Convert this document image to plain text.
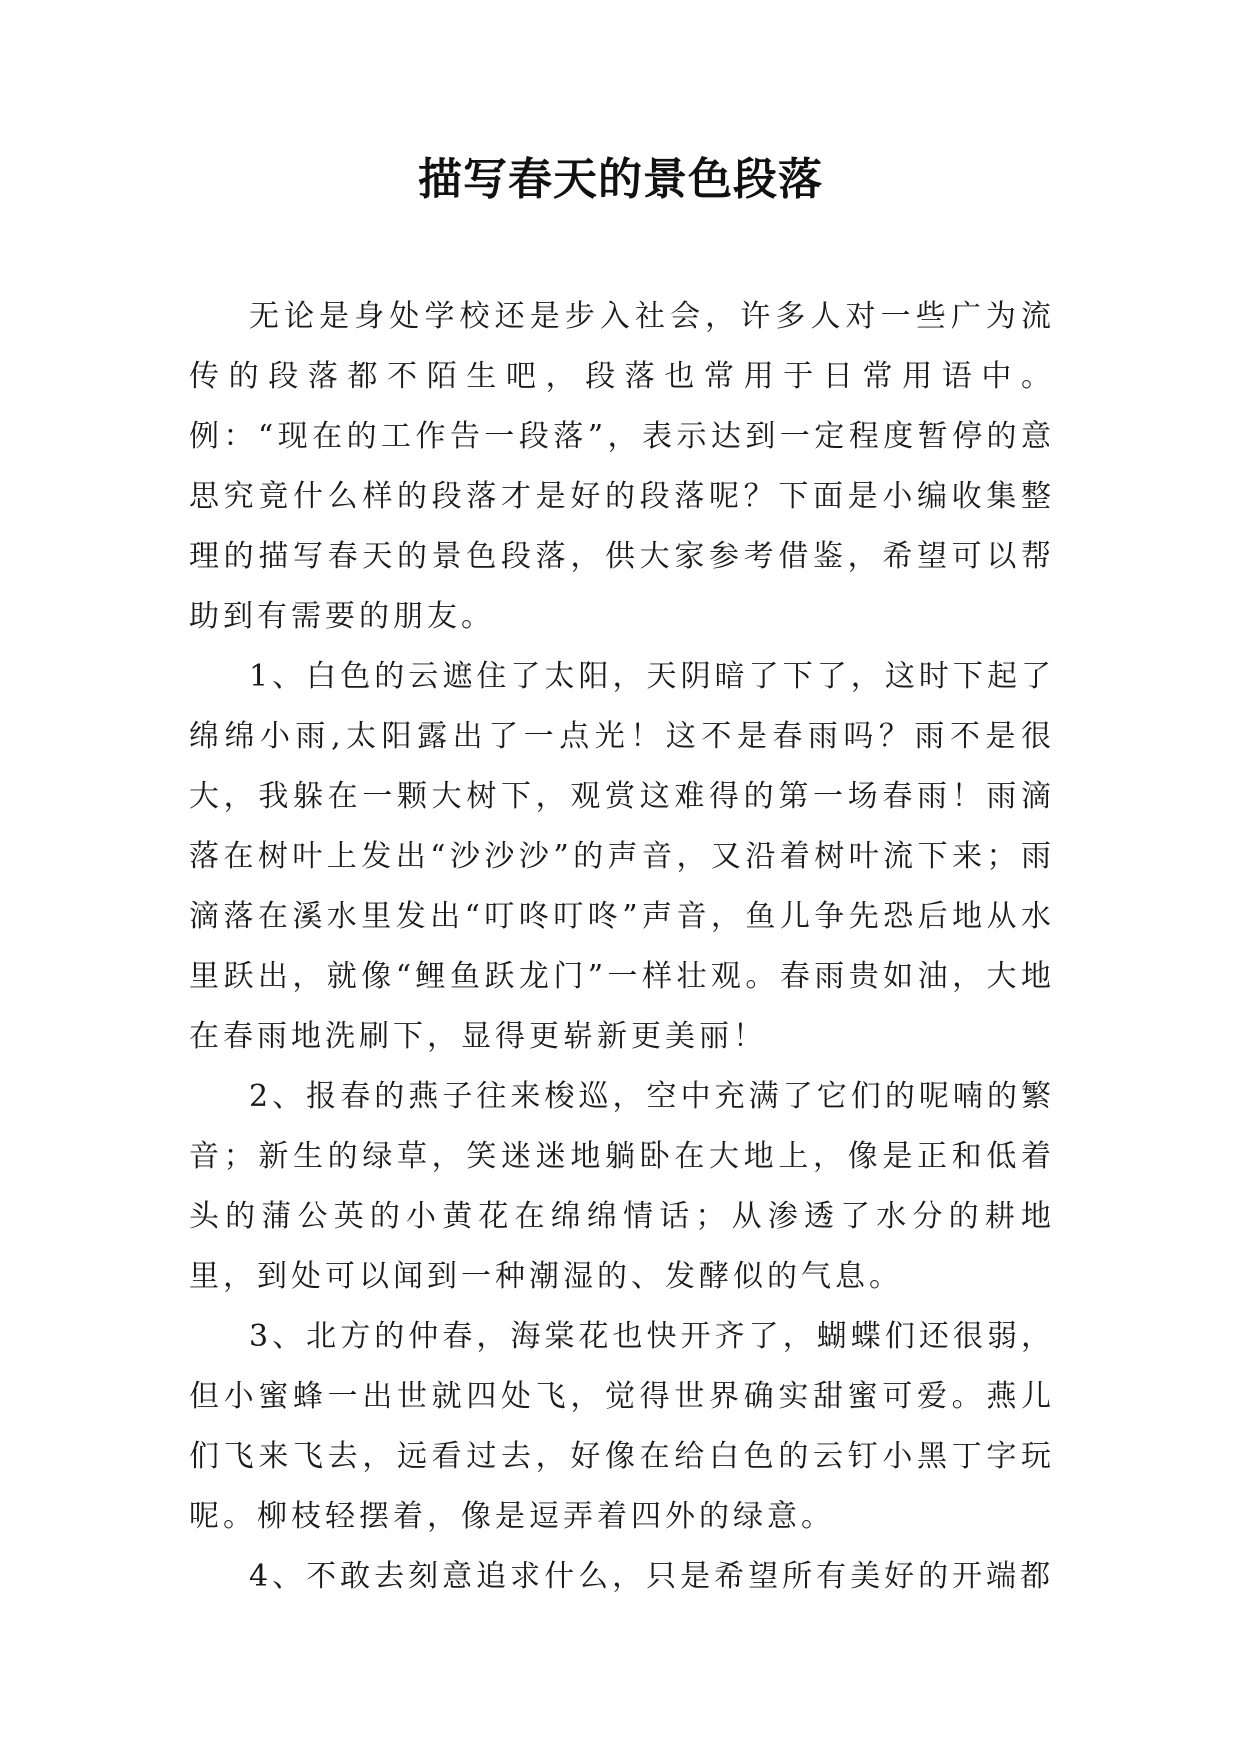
描写春天的景色段落

无论是身处学校还是步入社会，许多人对一些广为流传的段落都不陌生吧，段落也常用于日常用语中。例：“现在的工作告一段落”，表示达到一定程度暂停的意思究竟什么样的段落才是好的段落呢？下面是小编收集整理的描写春天的景色段落，供大家参考借鉴，希望可以帮助到有需要的朋友。

1、白色的云遮住了太阳，天阴暗了下了，这时下起了绵绵小雨,太阳露出了一点光！这不是春雨吗？雨不是很大，我躲在一颗大树下，观赏这难得的第一场春雨！雨滴落在树叶上发出“沙沙沙”的声音，又沿着树叶流下来；雨滴落在溪水里发出“叮咚叮咚”声音，鱼儿争先恐后地从水里跃出，就像“鲤鱼跃龙门”一样壮观。春雨贵如油，大地在春雨地洗刷下，显得更崭新更美丽！

2、报春的燕子往来梭巡，空中充满了它们的呢喃的繁音；新生的绿草，笑迷迷地躺卧在大地上，像是正和低着头的蒲公英的小黄花在绵绵情话；从渗透了水分的耕地里，到处可以闻到一种潮湿的、发酵似的气息。

3、北方的仲春，海棠花也快开齐了，蝴蝶们还很弱，但小蜜蜂一出世就四处飞，觉得世界确实甜蜜可爱。燕儿们飞来飞去，远看过去，好像在给白色的云钉小黑丁字玩呢。柳枝轻摆着，像是逗弄着四外的绿意。

4、不敢去刻意追求什么，只是希望所有美好的开端都
